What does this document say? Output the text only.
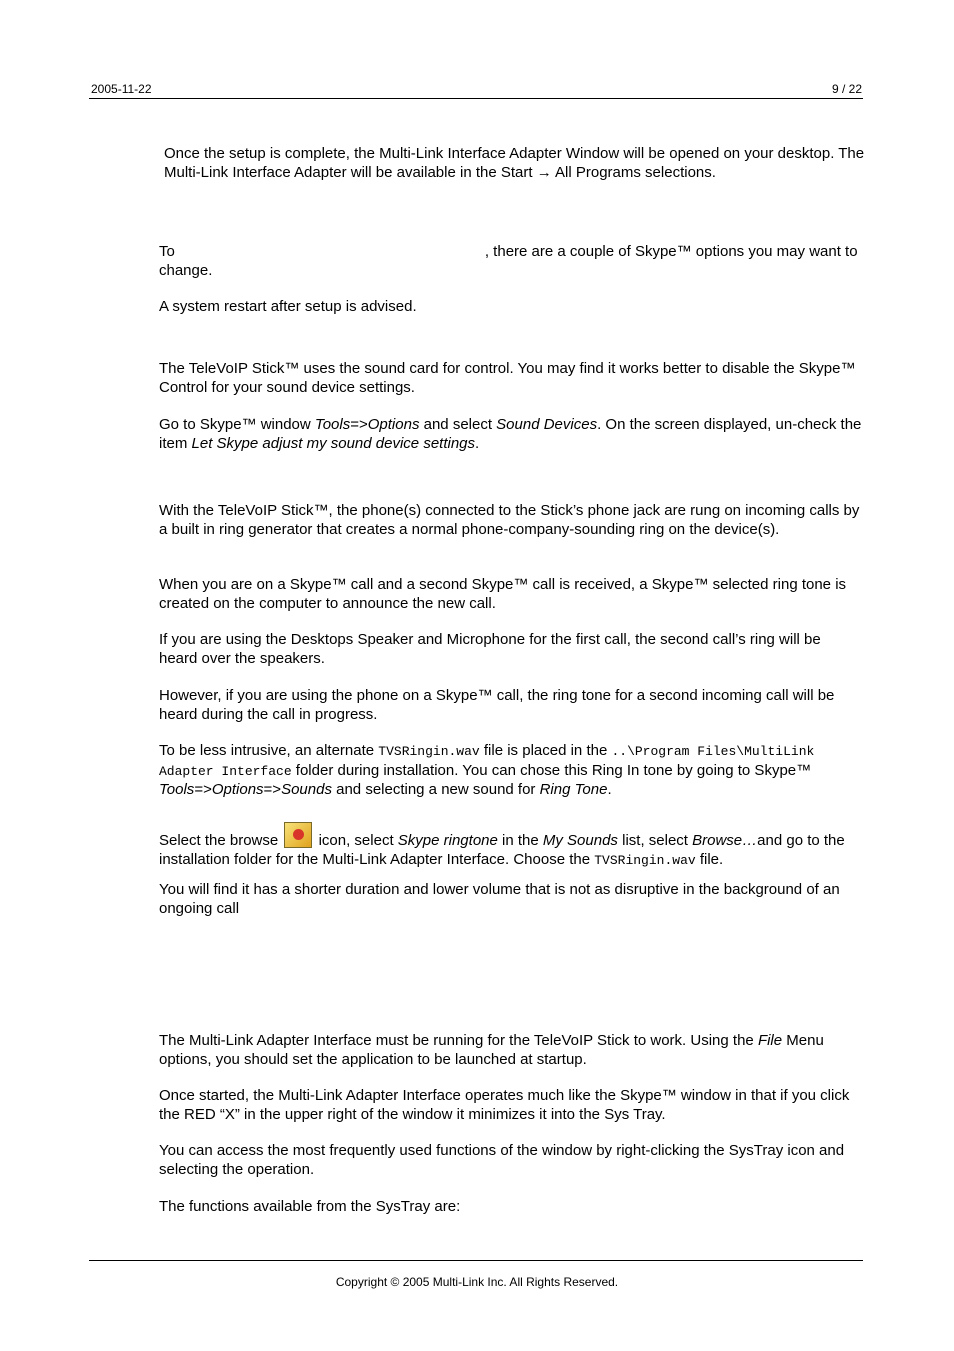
2005-11-22	9 / 22

Once the setup is complete, the Multi-Link Interface Adapter Window will be opened on your desktop. The Multi-Link Interface Adapter will be available in the Start → All Programs selections.

To	, there are a couple of Skype™ options you may want to change.

A system restart after setup is advised.

The TeleVoIP Stick™ uses the sound card for control. You may find it works better to disable the Skype™ Control for your sound device settings.

Go to Skype™ window Tools=>Options and select Sound Devices. On the screen displayed, un-check the item Let Skype adjust my sound device settings.

With the TeleVoIP Stick™, the phone(s) connected to the Stick’s phone jack are rung on incoming calls by a built in ring generator that creates a normal phone-company-sounding ring on the device(s).

When you are on a Skype™ call and a second Skype™ call is received, a Skype™ selected ring tone is created on the computer to announce the new call.

If you are using the Desktops Speaker and Microphone for the first call, the second call’s ring will be heard over the speakers.

However, if you are using the phone on a Skype™ call, the ring tone for a second incoming call will be heard during the call in progress.

To be less intrusive, an alternate TVSRingin.wav file is placed in the ..\Program Files\MultiLink Adapter Interface folder during installation. You can chose this Ring In tone by going to Skype™ Tools=>Options=>Sounds and selecting a new sound for Ring Tone.

Select the browse  icon, select Skype ringtone in the My Sounds list, select Browse…and go to the installation folder for the Multi-Link Adapter Interface. Choose the TVSRingin.wav file.

You will find it has a shorter duration and lower volume that is not as disruptive in the background of an ongoing call

The Multi-Link Adapter Interface must be running for the TeleVoIP Stick to work. Using the File Menu options, you should set the application to be launched at startup.

Once started, the Multi-Link Adapter Interface operates much like the Skype™ window in that if you click the RED “X” in the upper right of the window it minimizes it into the Sys Tray.

You can access the most frequently used functions of the window by right-clicking the SysTray icon and selecting the operation.

The functions available from the SysTray are:

Copyright © 2005 Multi-Link Inc. All Rights Reserved.
